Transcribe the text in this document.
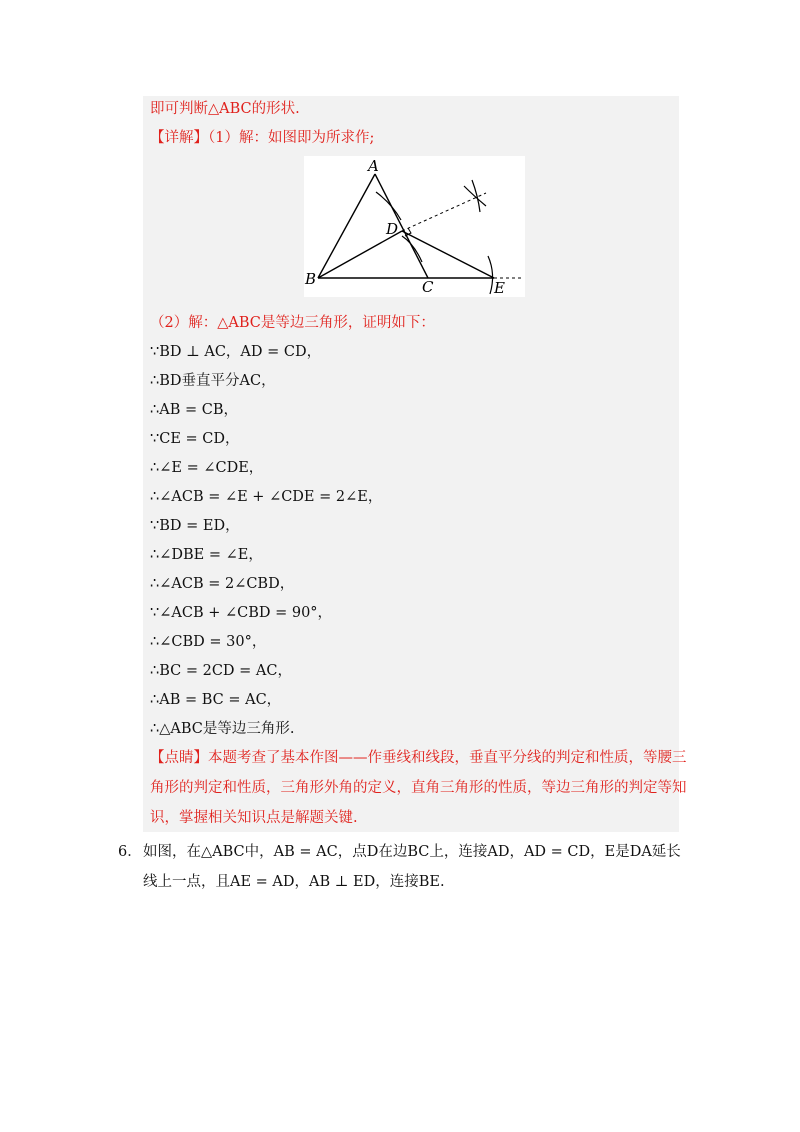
即可判断△ABC的形状.
【详解】（1）解：如图即为所求作;
A
B	C
D
E
（2）解：△ABC是等边三角形，证明如下：
∵BD ⊥ AC，AD = CD，
∴BD垂直平分AC，
∴AB = CB，
∵CE = CD，
∴∠E = ∠CDE，
∴∠ACB = ∠E + ∠CDE = 2∠E，
∵BD = ED，
∴∠DBE = ∠E，
∴∠ACB = 2∠CBD，
∵∠ACB + ∠CBD = 90°，
∴∠CBD = 30°，
∴BC = 2CD = AC，
∴AB = BC = AC，
∴△ABC是等边三角形.
【点睛】本题考查了基本作图——作垂线和线段，垂直平分线的判定和性质，等腰三
角形的判定和性质，三角形外角的定义，直角三角形的性质，等边三角形的判定等知
识，掌握相关知识点是解题关键.
6． 如图，在△ABC中，AB = AC，点D在边BC上，连接AD，AD = CD，E是DA延长
线上一点，且AE = AD，AB ⊥ ED，连接BE.
